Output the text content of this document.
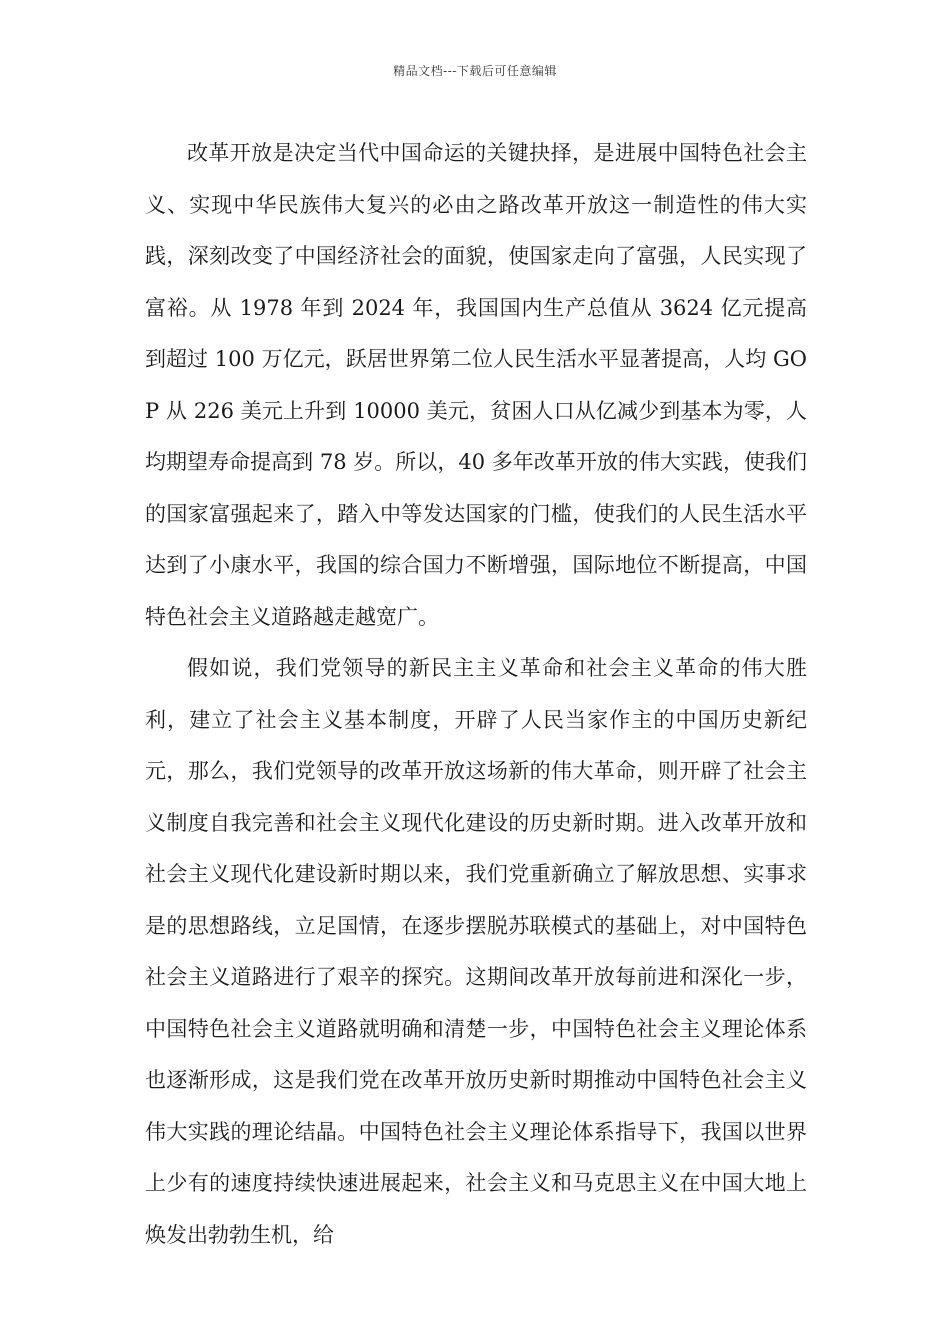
精品文档---下载后可任意编辑

改革开放是决定当代中国命运的关键抉择，是进展中国特色社会主义、实现中华民族伟大复兴的必由之路改革开放这一制造性的伟大实践，深刻改变了中国经济社会的面貌，使国家走向了富强，人民实现了富裕。从 1978 年到 2024 年，我国国内生产总值从 3624 亿元提高到超过 100 万亿元，跃居世界第二位人民生活水平显著提高，人均 GOP 从 226 美元上升到 10000 美元，贫困人口从亿减少到基本为零，人均期望寿命提高到 78 岁。所以，40 多年改革开放的伟大实践，使我们的国家富强起来了，踏入中等发达国家的门槛，使我们的人民生活水平达到了小康水平，我国的综合国力不断增强，国际地位不断提高，中国特色社会主义道路越走越宽广。

假如说，我们党领导的新民主主义革命和社会主义革命的伟大胜利，建立了社会主义基本制度，开辟了人民当家作主的中国历史新纪元，那么，我们党领导的改革开放这场新的伟大革命，则开辟了社会主义制度自我完善和社会主义现代化建设的历史新时期。进入改革开放和社会主义现代化建设新时期以来，我们党重新确立了解放思想、实事求是的思想路线，立足国情，在逐步摆脱苏联模式的基础上，对中国特色社会主义道路进行了艰辛的探究。这期间改革开放每前进和深化一步，中国特色社会主义道路就明确和清楚一步，中国特色社会主义理论体系也逐渐形成，这是我们党在改革开放历史新时期推动中国特色社会主义伟大实践的理论结晶。中国特色社会主义理论体系指导下，我国以世界上少有的速度持续快速进展起来，社会主义和马克思主义在中国大地上焕发出勃勃生机，给
